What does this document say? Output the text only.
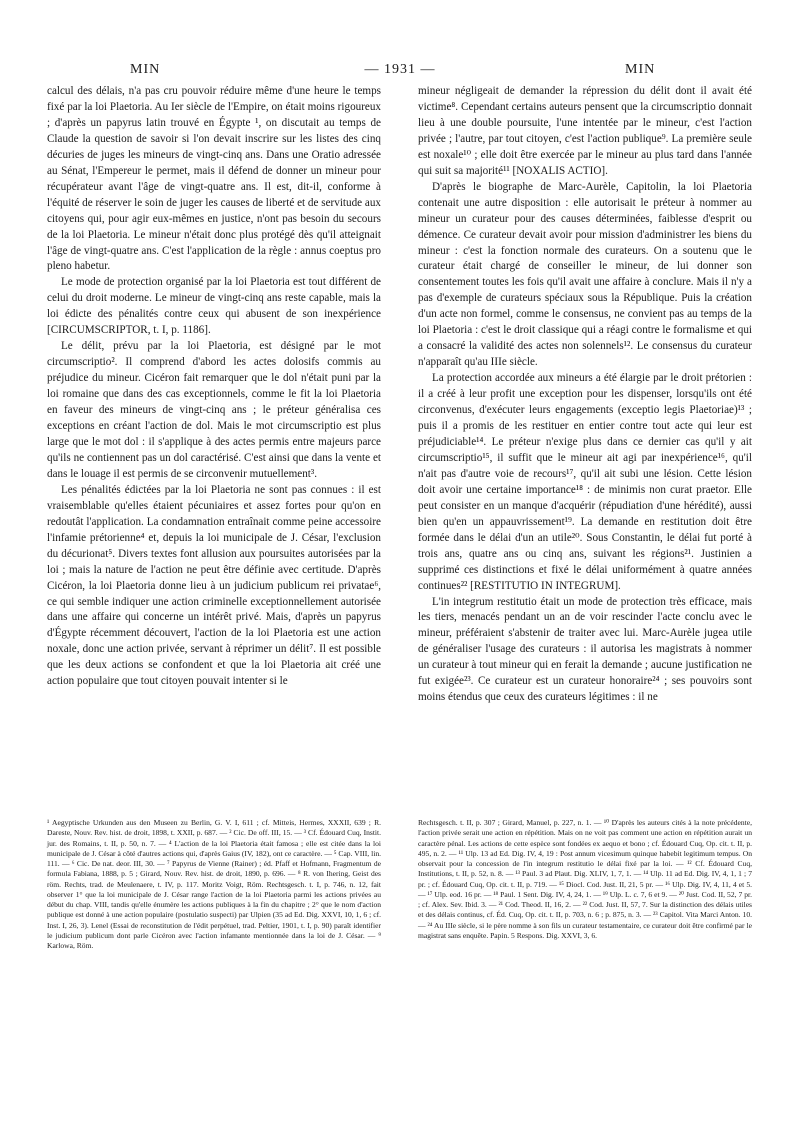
MIN	— 1931 —	MIN

calcul des délais, n'a pas cru pouvoir réduire même d'une heure le temps fixé par la loi Plaetoria. Au Ier siècle de l'Empire, on était moins rigoureux ; d'après un papyrus latin trouvé en Égypte ¹, on discutait au temps de Claude la question de savoir si l'on devait inscrire sur les listes des cinq décuries de juges les mineurs de vingt-cinq ans. Dans une Oratio adressée au Sénat, l'Empereur le permet, mais il défend de donner un mineur pour récupérateur avant l'âge de vingt-quatre ans. Il est, dit-il, conforme à l'équité de réserver le soin de juger les causes de liberté et de servitude aux citoyens qui, pour agir eux-mêmes en justice, n'ont pas besoin du secours de la loi Plaetoria. Le mineur n'était donc plus protégé dès qu'il atteignait l'âge de vingt-quatre ans. C'est l'application de la règle : annus coeptus pro pleno habetur.

Le mode de protection organisé par la loi Plaetoria est tout différent de celui du droit moderne. Le mineur de vingt-cinq ans reste capable, mais la loi édicte des pénalités contre ceux qui abusent de son inexpérience [CIRCUMSCRIPTOR, t. I, p. 1186].

Le délit, prévu par la loi Plaetoria, est désigné par le mot circumscriptio². Il comprend d'abord les actes dolosifs commis au préjudice du mineur. Cicéron fait remarquer que le dol n'était puni par la loi romaine que dans des cas exceptionnels, comme le fit la loi Plaetoria en faveur des mineurs de vingt-cinq ans ; le préteur généralisa ces exceptions en créant l'action de dol. Mais le mot circumscriptio est plus large que le mot dol : il s'applique à des actes permis entre majeurs parce qu'ils ne contiennent pas un dol caractérisé. C'est ainsi que dans la vente et dans le louage il est permis de se circonvenir mutuellement³.

Les pénalités édictées par la loi Plaetoria ne sont pas connues : il est vraisemblable qu'elles étaient pécuniaires et assez fortes pour qu'on en redoutât l'application. La condamnation entraînait comme peine accessoire l'infamie prétorienne⁴ et, depuis la loi municipale de J. César, l'exclusion du décurionat⁵. Divers textes font allusion aux poursuites autorisées par la loi ; mais la nature de l'action ne peut être définie avec certitude. D'après Cicéron, la loi Plaetoria donne lieu à un judicium publicum rei privatae⁶, ce qui semble indiquer une action criminelle exceptionnellement autorisée dans une affaire qui concerne un intérêt privé. Mais, d'après un papyrus d'Égypte récemment découvert, l'action de la loi Plaetoria est une action noxale, donc une action privée, servant à réprimer un délit⁷. Il est possible que les deux actions se confondent et que la loi Plaetoria ait créé une action populaire que tout citoyen pouvait intenter si le

mineur négligeait de demander la répression du délit dont il avait été victime⁸. Cependant certains auteurs pensent que la circumscriptio donnait lieu à une double poursuite, l'une intentée par le mineur, c'est l'action privée ; l'autre, par tout citoyen, c'est l'action publique⁹. La première seule est noxale¹⁰ ; elle doit être exercée par le mineur au plus tard dans l'année qui suit sa majorité¹¹ [NOXALIS ACTIO].

D'après le biographe de Marc-Aurèle, Capitolin, la loi Plaetoria contenait une autre disposition : elle autorisait le préteur à nommer au mineur un curateur pour des causes déterminées, faiblesse d'esprit ou démence. Ce curateur devait avoir pour mission d'administrer les biens du mineur : c'est la fonction normale des curateurs. On a soutenu que le curateur était chargé de conseiller le mineur, de lui donner son consentement toutes les fois qu'il avait une affaire à conclure. Mais il n'y a pas d'exemple de curateurs spéciaux sous la République. Puis la création d'un acte non formel, comme le consensus, ne convient pas au temps de la loi Plaetoria : c'est le droit classique qui a réagi contre le formalisme et qui a consacré la validité des actes non solennels¹². Le consensus du curateur n'apparaît qu'au IIIe siècle.

La protection accordée aux mineurs a été élargie par le droit prétorien : il a créé à leur profit une exception pour les dispenser, lorsqu'ils ont été circonvenus, d'exécuter leurs engagements (exceptio legis Plaetoriae)¹³ ; puis il a promis de les restituer en entier contre tout acte qui leur est préjudiciable¹⁴. Le préteur n'exige plus dans ce dernier cas qu'il y ait circumscriptio¹⁵, il suffit que le mineur ait agi par inexpérience¹⁶, qu'il n'ait pas d'autre voie de recours¹⁷, qu'il ait subi une lésion. Cette lésion doit avoir une certaine importance¹⁸ : de minimis non curat praetor. Elle peut consister en un manque d'acquérir (répudiation d'une hérédité), aussi bien qu'en un appauvrissement¹⁹. La demande en restitution doit être formée dans le délai d'un an utile²⁰. Sous Constantin, le délai fut porté à trois ans, quatre ans ou cinq ans, suivant les régions²¹. Justinien a supprimé ces distinctions et fixé le délai uniformément à quatre années continues²² [RESTITUTIO IN INTEGRUM].

L'in integrum restitutio était un mode de protection très efficace, mais les tiers, menacés pendant un an de voir rescinder l'acte conclu avec le mineur, préféraient s'abstenir de traiter avec lui. Marc-Aurèle jugea utile de généraliser l'usage des curateurs : il autorisa les magistrats à nommer un curateur à tout mineur qui en ferait la demande ; aucune justification ne fut exigée²³. Ce curateur est un curateur honoraire²⁴ ; ses pouvoirs sont moins étendus que ceux des curateurs légitimes : il ne

¹ Aegyptische Urkunden aus den Museen zu Berlin, G. V. I, 611 ; cf. Mitteis, Hermes, XXXII, 639 ; R. Dareste, Nouv. Rev. hist. de droit, 1898, t. XXII, p. 687. — ² Cic. De off. III, 15. — ³ Cf. Édouard Cuq, Instit. jur. des Romains, t. II, p. 50, n. 7. — ⁴ L'action de la loi Plaetoria était famosa ; elle est citée dans la loi municipale de J. César à côté d'autres actions qui, d'après Gaius (IV, 182), ont ce caractère. — ⁵ Cap. VIII, lin. 111. — ⁶ Cic. De nat. deor. III, 30. — ⁷ Papyrus de Vienne (Rainer) ; éd. Pfaff et Hofmann, Fragmentum de formula Fabiana, 1888, p. 5 ; Girard, Nouv. Rev. hist. de droit, 1890, p. 696. — ⁸ R. von Ihering, Geist des röm. Rechts, trad. de Meulenaere, t. IV, p. 117. Moritz Voigt, Röm. Rechtsgesch. t. I, p. 746, n. 12, fait observer 1° que la loi municipale de J. César range l'action de la loi Plaetoria parmi les actions privées au début du chap. VIII, tandis qu'elle énumère les actions publiques à la fin du chapitre ; 2° que le nom d'action publique est donné à une action populaire (postulatio suspecti) par Ulpien (35 ad Ed. Dig. XXVI, 10, 1, 6 ; cf. Inst. I, 26, 3). Lenel (Essai de reconstitution de l'édit perpétuel, trad. Peltier, 1901, t. I, p. 90) paraît identifier le judicium publicum dont parle Cicéron avec l'action infamante mentionnée dans la loi de J. César. — ⁹ Karlowa, Röm.

Rechtsgesch. t. II, p. 307 ; Girard, Manuel, p. 227, n. 1. — ¹⁰ D'après les auteurs cités à la note précédente, l'action privée serait une action en répétition. Mais on ne voit pas comment une action en répétition aurait un caractère pénal. Les actions de cette espèce sont fondées ex aequo et bono ; cf. Édouard Cuq, Op. cit. t. II, p. 495, n. 2. — ¹¹ Ulp. 13 ad Ed. Dig. IV, 4, 19 : Post annum vicesimum quinque habebit legitimum tempus. On observait pour la concession de l'in integrum restitutio le délai fixé par la loi. — ¹² Cf. Édouard Cuq, Institutions, t. II, p. 52, n. 8. — ¹³ Paul. 3 ad Plaut. Dig. XLIV, 1, 7, 1. — ¹⁴ Ulp. 11 ad Ed. Dig. IV, 4, 1, 1 ; 7 pr. ; cf. Édouard Cuq, Op. cit. t. II, p. 719. — ¹⁵ Diocl. Cod. Just. II, 21, 5 pr. — ¹⁶ Ulp. Dig. IV, 4, 11, 4 et 5. — ¹⁷ Ulp. eod. 16 pr. — ¹⁸ Paul. 1 Sent. Dig. IV, 4, 24, 1. — ¹⁹ Ulp. L. c. 7, 6 et 9. — ²⁰ Just. Cod. II, 52, 7 pr. ; cf. Alex. Sev. Ibid. 3. — ²¹ Cod. Theod. II, 16, 2. — ²² Cod. Just. II, 57, 7. Sur la distinction des délais utiles et des délais continus, cf. Éd. Cuq, Op. cit. t. II, p. 703, n. 6 ; p. 875, n. 3. — ²³ Capitol. Vita Marci Anton. 10. — ²⁴ Au IIIe siècle, si le père nomme à son fils un curateur testamentaire, ce curateur doit être confirmé par le magistrat sans enquête. Papin. 5 Respons. Dig. XXVI, 3, 6.
